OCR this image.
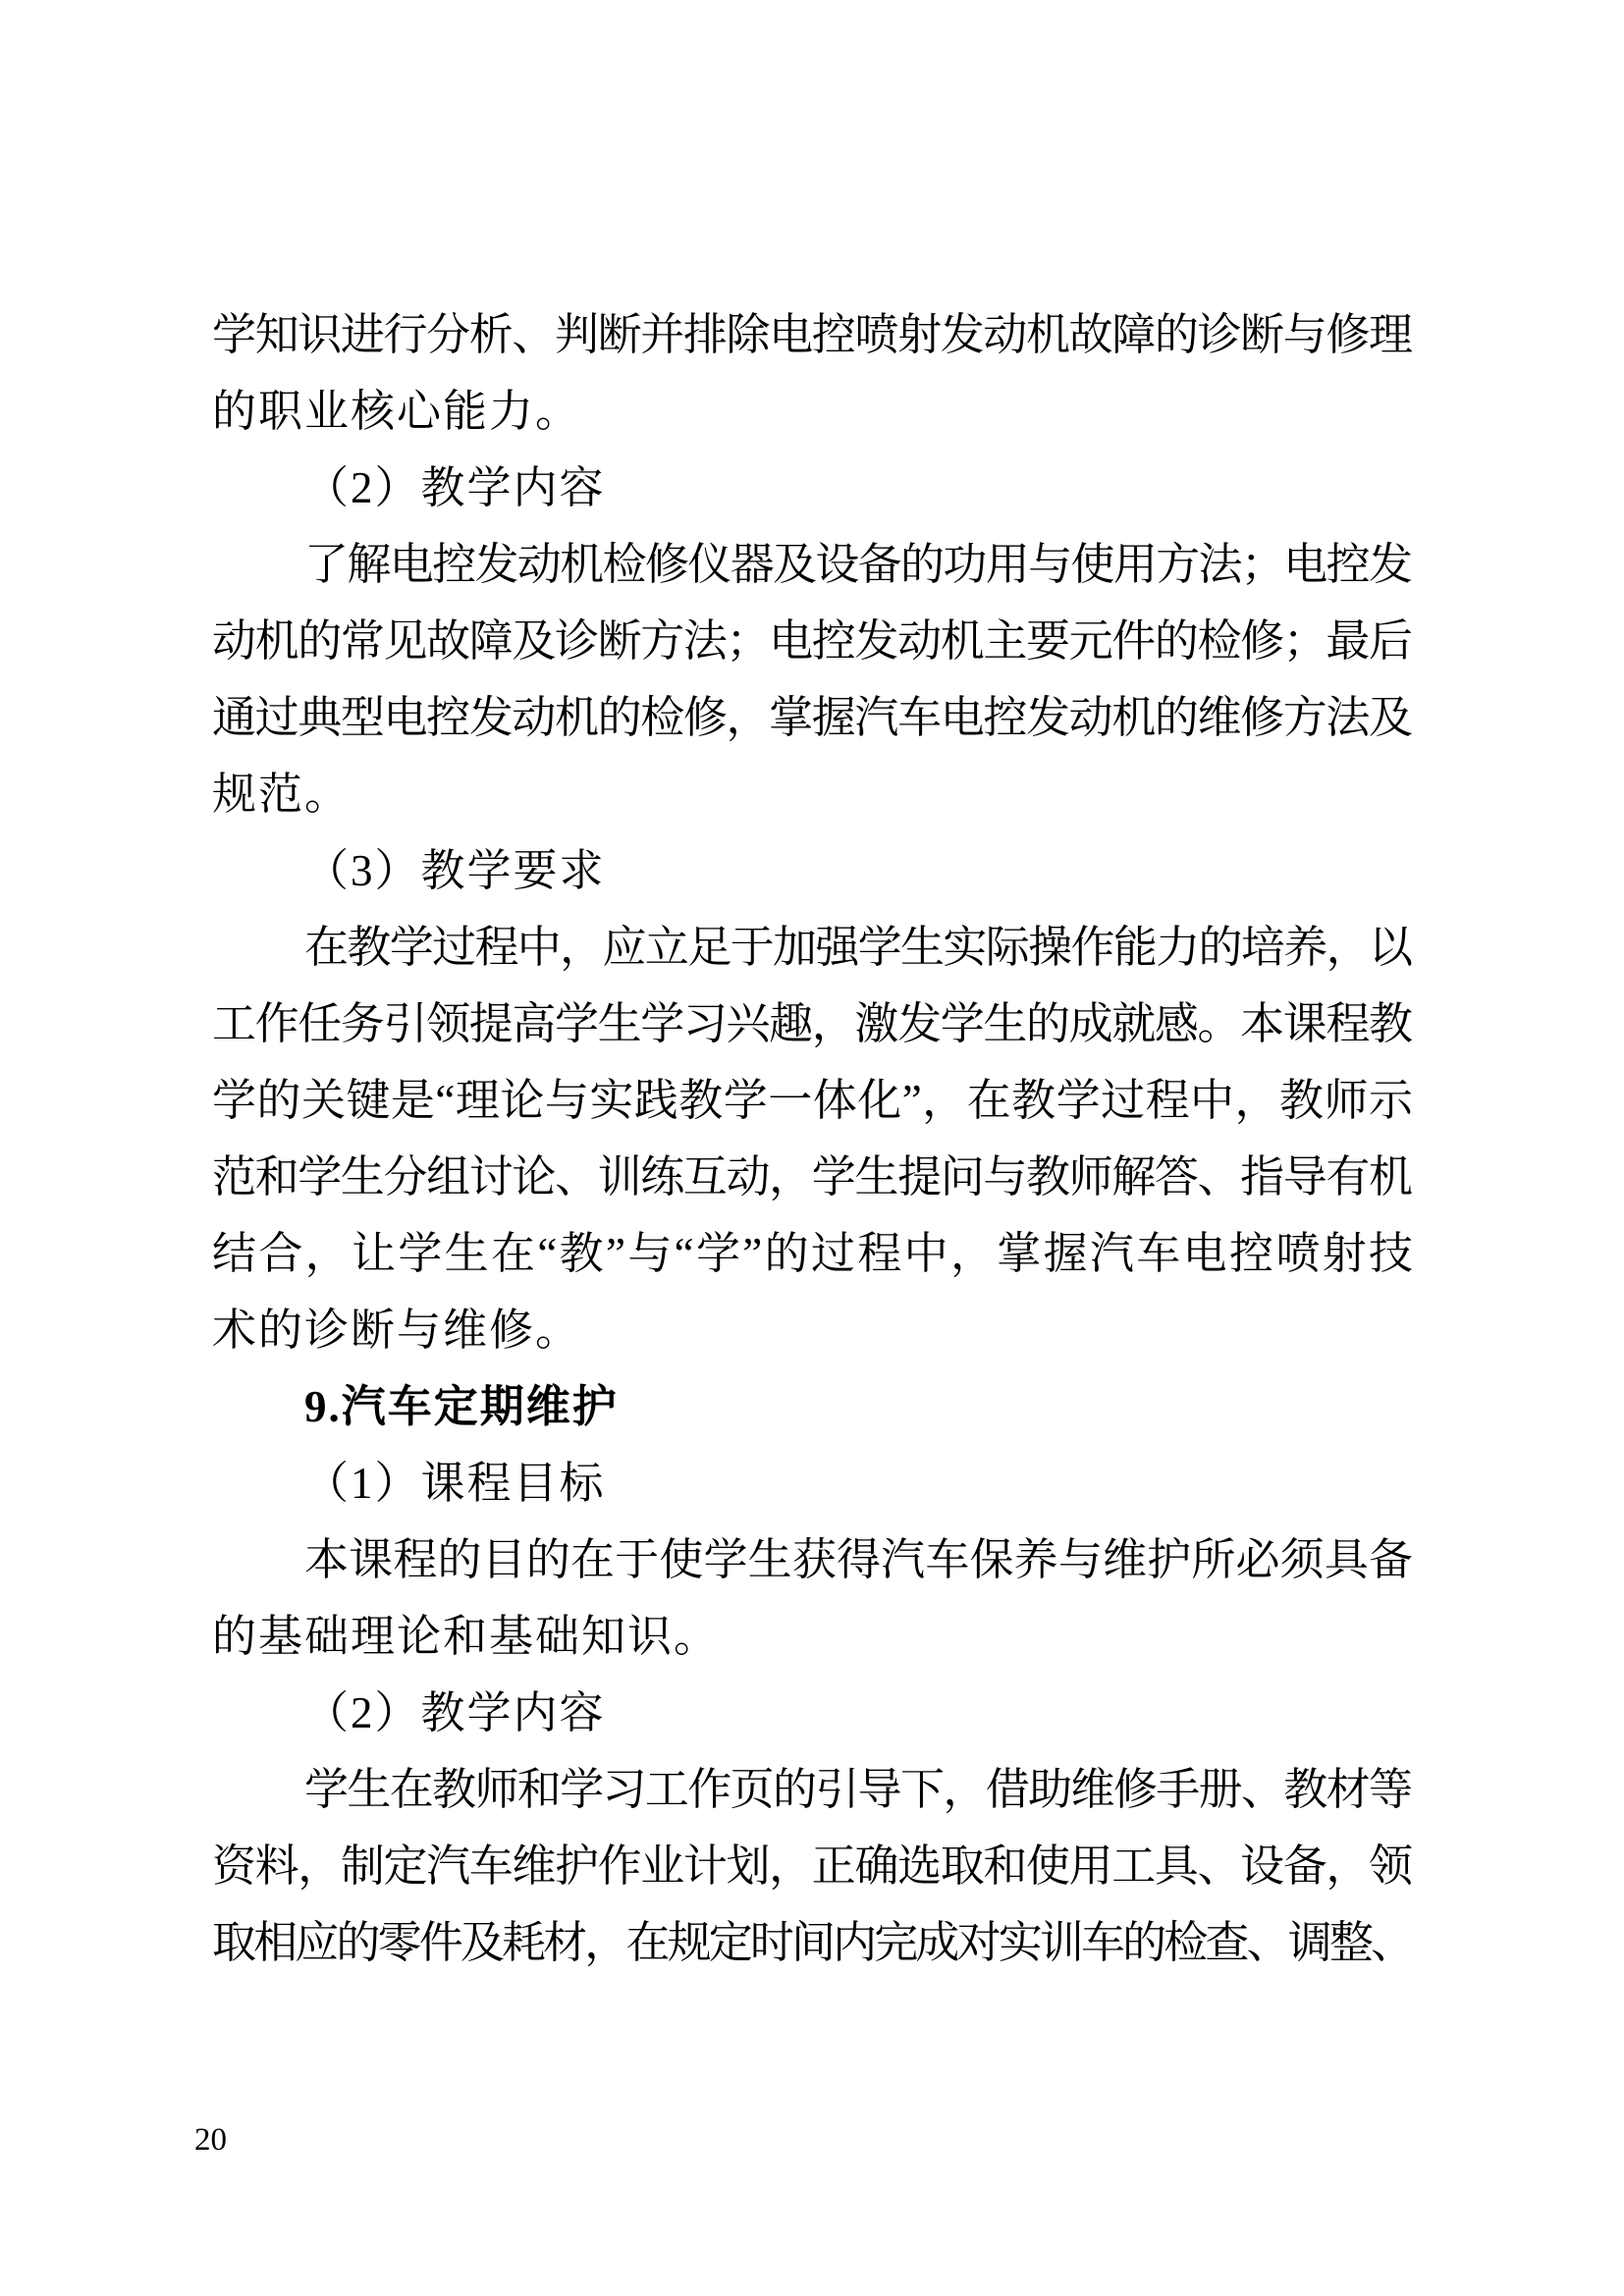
学知识进行分析、判断并排除电控喷射发动机故障的诊断与修理
的职业核心能力。
（2）教学内容
了解电控发动机检修仪器及设备的功用与使用方法；电控发
动机的常见故障及诊断方法；电控发动机主要元件的检修；最后
通过典型电控发动机的检修，掌握汽车电控发动机的维修方法及
规范。
（3）教学要求
在教学过程中，应立足于加强学生实际操作能力的培养，以
工作任务引领提高学生学习兴趣，激发学生的成就感。本课程教
学的关键是“理论与实践教学一体化”，在教学过程中，教师示
范和学生分组讨论、训练互动，学生提问与教师解答、指导有机
结合，让学生在“教”与“学”的过程中，掌握汽车电控喷射技
术的诊断与维修。
9.汽车定期维护
（1）课程目标
本课程的目的在于使学生获得汽车保养与维护所必须具备
的基础理论和基础知识。
（2）教学内容
学生在教师和学习工作页的引导下，借助维修手册、教材等
资料，制定汽车维护作业计划，正确选取和使用工具、设备，领
取相应的零件及耗材，在规定时间内完成对实训车的检查、调整、
20
